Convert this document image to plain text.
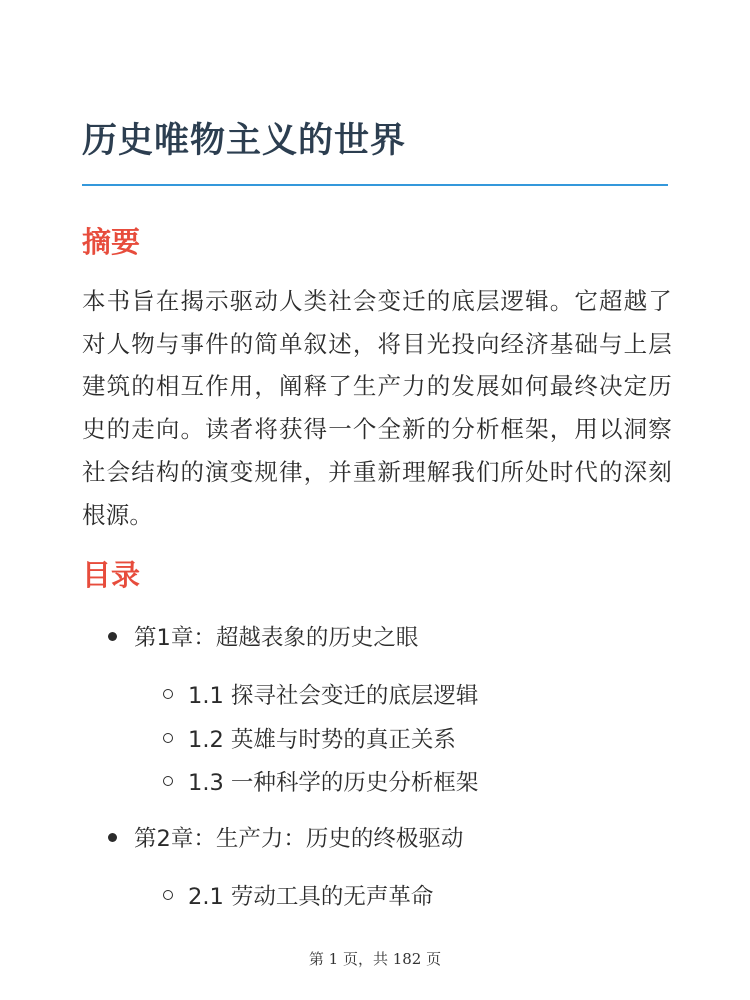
历史唯物主义的世界
摘要

本书旨在揭示驱动人类社会变迁的底层逻辑。它超越了对人物与事件的简单叙述，将目光投向经济基础与上层建筑的相互作用，阐释了生产力的发展如何最终决定历史的走向。读者将获得一个全新的分析框架，用以洞察社会结构的演变规律，并重新理解我们所处时代的深刻根源。

目录
第1章：超越表象的历史之眼
1.1 探寻社会变迁的底层逻辑
1.2 英雄与时势的真正关系
1.3 一种科学的历史分析框架
第2章：生产力：历史的终极驱动
2.1 劳动工具的无声革命
第 1 页，共 182 页
